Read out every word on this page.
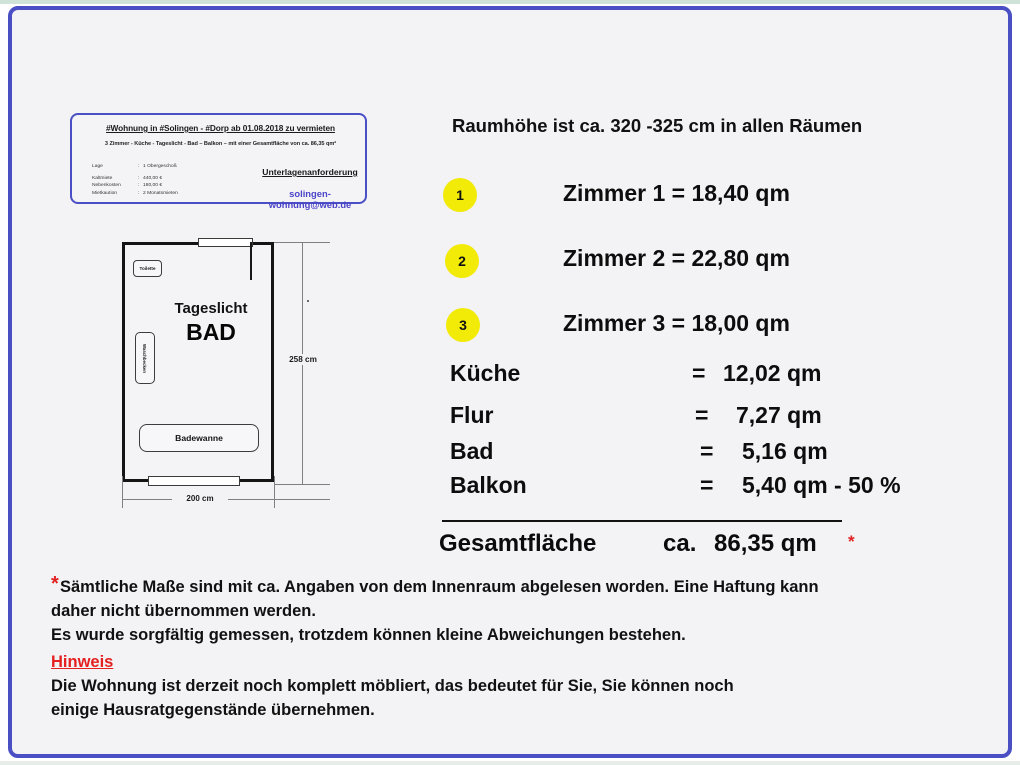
#Wohnung in #Solingen - #Dorp ab 01.08.2018 zu vermieten
3 Zimmer - Küche - Tageslicht - Bad – Balkon – mit einer Gesamtfläche von ca. 86,35 qm²
Lage	: 1 Obergeschoß
Kaltmiete	: 440,00 €
Nebenkosten	: 180,00 €
Mietkaution	: 2 Monatsmieten
Unterlagenanforderung
solingen-wohnung@web.de
Toilette
Waschbecken
Badewanne
Tageslicht
BAD
258 cm
200 cm
Raumhöhe ist ca. 320 -325 cm in allen Räumen
1
2
3
Zimmer 1 = 18,40 qm
Zimmer 2 = 22,80 qm
Zimmer 3 = 18,00 qm
Küche	= 12,02 qm
Flur	= 7,27 qm
Bad	= 5,16 qm
Balkon	= 5,40 qm - 50 %
Gesamtfläche	ca. 86,35 qm *
* Sämtliche Maße sind mit ca. Angaben von dem Innenraum abgelesen worden. Eine Haftung kann
daher nicht übernommen werden.
Es wurde sorgfältig gemessen, trotzdem können kleine Abweichungen bestehen.
Hinweis
Die Wohnung ist derzeit noch komplett möbliert, das bedeutet für Sie, Sie können noch
einige Hausratgegenstände übernehmen.
